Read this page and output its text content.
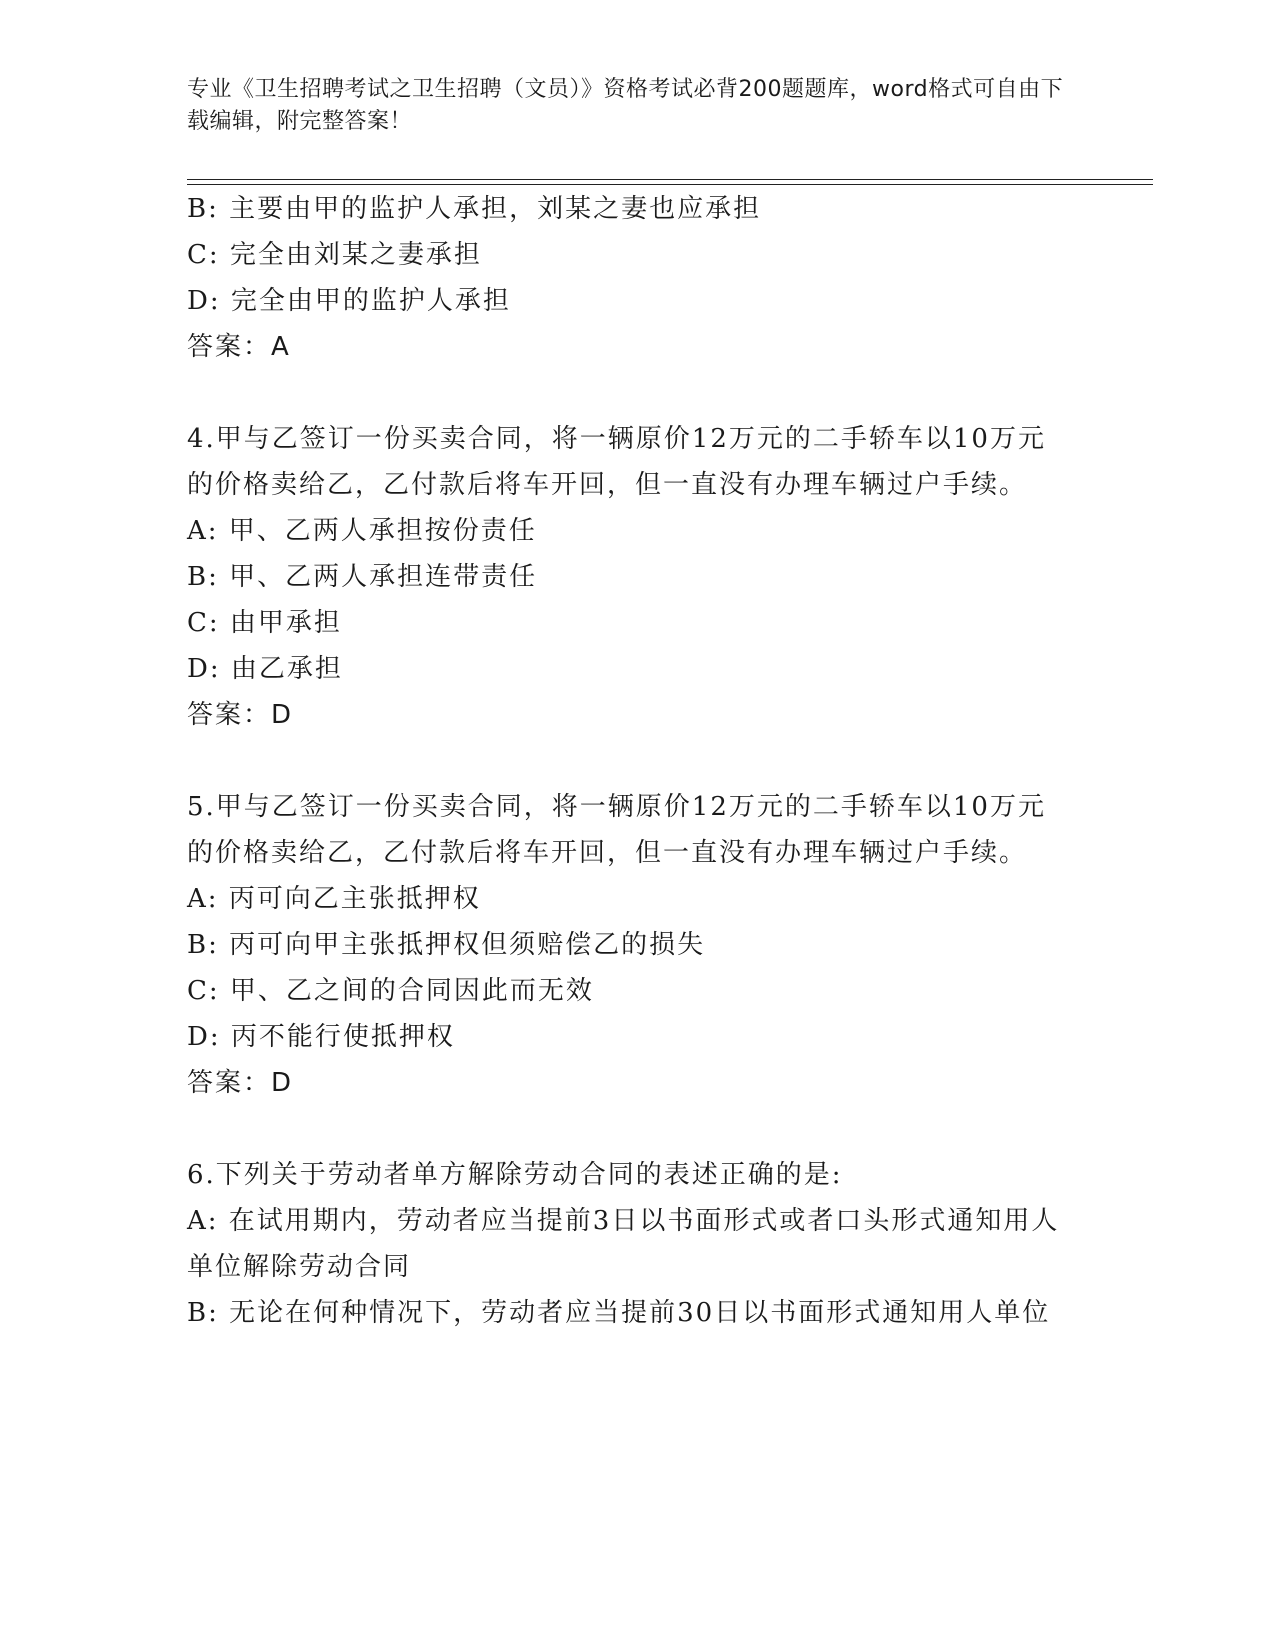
专业《卫生招聘考试之卫生招聘（文员）》资格考试必背200题题库，word格式可自由下载编辑，附完整答案！

B: 主要由甲的监护人承担，刘某之妻也应承担

C: 完全由刘某之妻承担

D: 完全由甲的监护人承担

答案：A

4.甲与乙签订一份买卖合同，将一辆原价12万元的二手轿车以10万元的价格卖给乙，乙付款后将车开回，但一直没有办理车辆过户手续。

A: 甲、乙两人承担按份责任

B: 甲、乙两人承担连带责任

C: 由甲承担

D: 由乙承担

答案：D

5.甲与乙签订一份买卖合同，将一辆原价12万元的二手轿车以10万元的价格卖给乙，乙付款后将车开回，但一直没有办理车辆过户手续。

A: 丙可向乙主张抵押权

B: 丙可向甲主张抵押权但须赔偿乙的损失

C: 甲、乙之间的合同因此而无效

D: 丙不能行使抵押权

答案：D

6.下列关于劳动者单方解除劳动合同的表述正确的是:

A: 在试用期内，劳动者应当提前3日以书面形式或者口头形式通知用人单位解除劳动合同

B: 无论在何种情况下，劳动者应当提前30日以书面形式通知用人单位
